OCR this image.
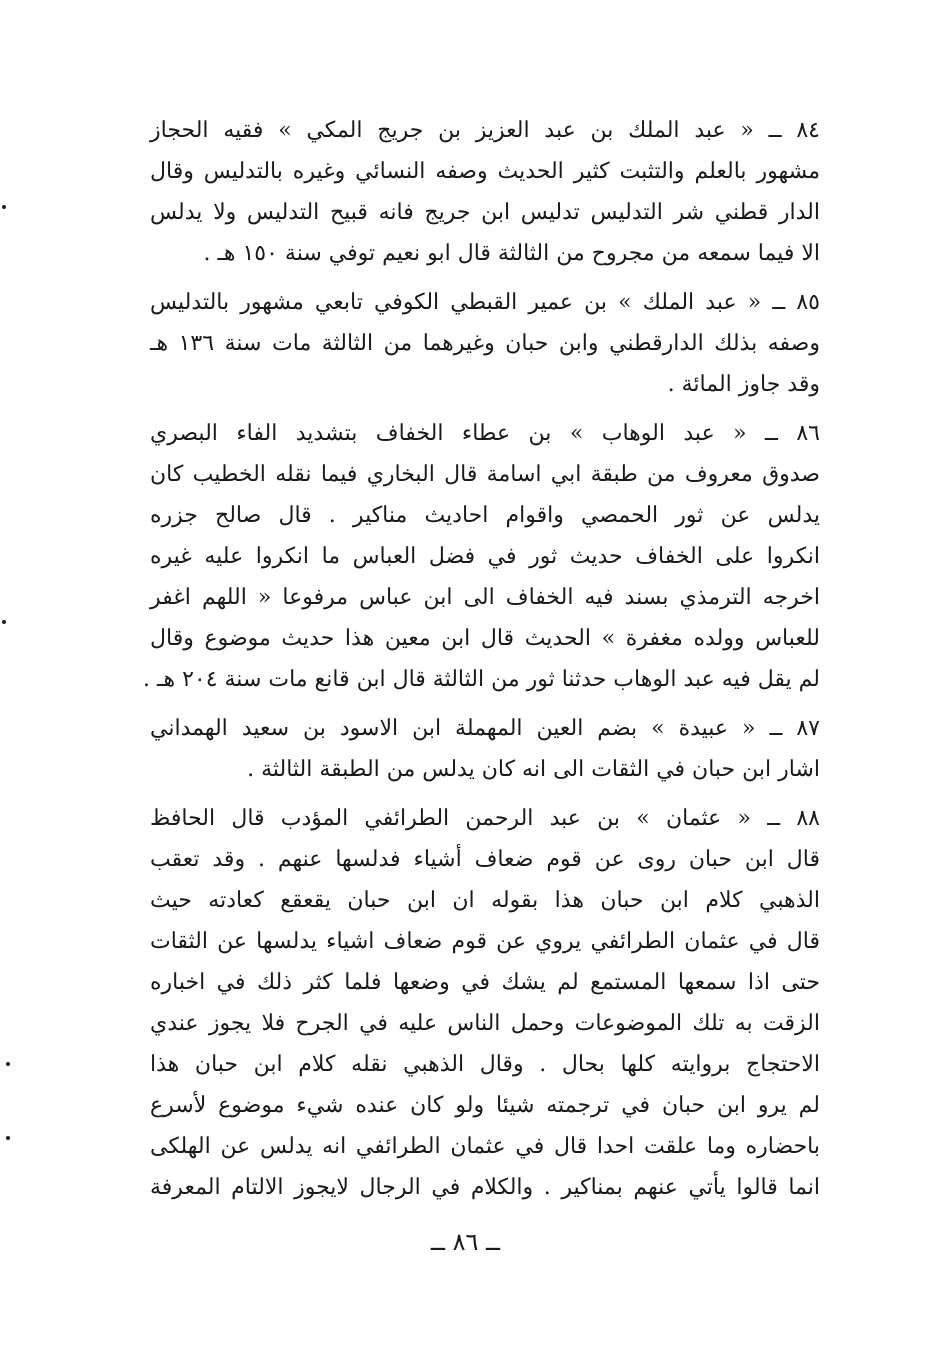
٨٤ ــ « عبد الملك بن عبد العزيز بن جريج المكي » فقيه الحجاز
مشهور بالعلم والتثبت كثير الحديث وصفه النسائي وغيره بالتدليس وقال
الدار قطني شر التدليس تدليس ابن جريج فانه قبيح التدليس ولا يدلس
الا فيما سمعه من مجروح من الثالثة قال ابو نعيم توفي سنة ١٥٠ هـ .
٨٥ ــ « عبد الملك » بن عمير القبطي الكوفي تابعي مشهور بالتدليس
وصفه بذلك الدارقطني وابن حبان وغيرهما من الثالثة مات سنة ١٣٦ هـ
وقد جاوز المائة .
٨٦ ــ « عبد الوهاب » بن عطاء الخفاف بتشديد الفاء البصري
صدوق معروف من طبقة ابي اسامة قال البخاري فيما نقله الخطيب كان
يدلس عن ثور الحمصي واقوام احاديث مناكير . قال صالح جزره
انكروا على الخفاف حديث ثور في فضل العباس ما انكروا عليه غيره
اخرجه الترمذي بسند فيه الخفاف الى ابن عباس مرفوعا « اللهم اغفر
للعباس وولده مغفرة » الحديث قال ابن معين هذا حديث موضوع وقال
لم يقل فيه عبد الوهاب حدثنا ثور من الثالثة قال ابن قانع مات سنة ٢٠٤ هـ .
٨٧ ــ « عبيدة » بضم العين المهملة ابن الاسود بن سعيد الهمداني
اشار ابن حبان في الثقات الى انه كان يدلس من الطبقة الثالثة .
٨٨ ــ « عثمان » بن عبد الرحمن الطرائفي المؤدب قال الحافظ
قال ابن حبان روى عن قوم ضعاف أشياء فدلسها عنهم . وقد تعقب
الذهبي كلام ابن حبان هذا بقوله ان ابن حبان يقعقع كعادته حيث
قال في عثمان الطرائفي يروي عن قوم ضعاف اشياء يدلسها عن الثقات
حتى اذا سمعها المستمع لم يشك في وضعها فلما كثر ذلك في اخباره
الزقت به تلك الموضوعات وحمل الناس عليه في الجرح فلا يجوز عندي
الاحتجاج بروايته كلها بحال . وقال الذهبي نقله كلام ابن حبان هذا
لم يرو ابن حبان في ترجمته شيئا ولو كان عنده شيء موضوع لأسرع
باحضاره وما علقت احدا قال في عثمان الطرائفي انه يدلس عن الهلكى
انما قالوا يأتي عنهم بمناكير . والكلام في الرجال لايجوز الالتام المعرفة
ــ ٨٦ ــ
